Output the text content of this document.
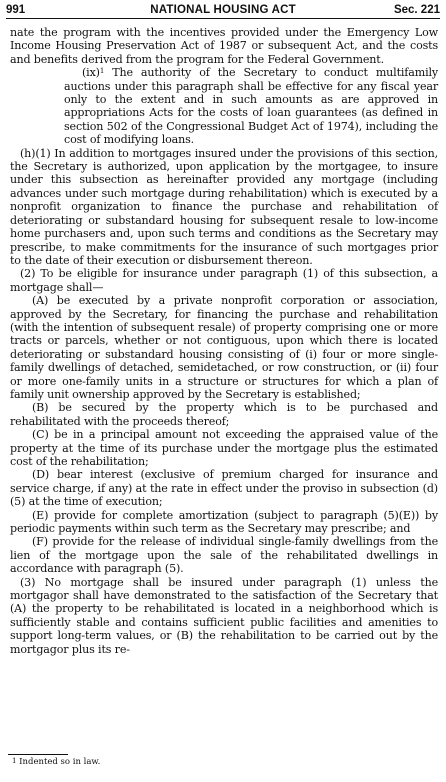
991	NATIONAL HOUSING ACT	Sec. 221

nate the program with the incentives provided under the Emergency Low Income Housing Preservation Act of 1987 or subsequent Act, and the costs and benefits derived from the program for the Federal Government.

(ix)$^1$ The authority of the Secretary to conduct multifamily auctions under this paragraph shall be effective for any fiscal year only to the extent and in such amounts as are approved in appropriations Acts for the costs of loan guarantees (as defined in section 502 of the Congressional Budget Act of 1974), including the cost of modifying loans.

(h)(1) In addition to mortgages insured under the provisions of this section, the Secretary is authorized, upon application by the mortgagee, to insure under this subsection as hereinafter provided any mortgage (including advances under such mortgage during rehabilitation) which is executed by a nonprofit organization to finance the purchase and rehabilitation of deteriorating or substandard housing for subsequent resale to low-income home purchasers and, upon such terms and conditions as the Secretary may prescribe, to make commitments for the insurance of such mortgages prior to the date of their execution or disbursement thereon.

(2) To be eligible for insurance under paragraph (1) of this subsection, a mortgage shall—

(A) be executed by a private nonprofit corporation or association, approved by the Secretary, for financing the purchase and rehabilitation (with the intention of subsequent resale) of property comprising one or more tracts or parcels, whether or not contiguous, upon which there is located deteriorating or substandard housing consisting of (i) four or more single-family dwellings of detached, semidetached, or row construction, or (ii) four or more one-family units in a structure or structures for which a plan of family unit ownership approved by the Secretary is established;

(B) be secured by the property which is to be purchased and rehabilitated with the proceeds thereof;

(C) be in a principal amount not exceeding the appraised value of the property at the time of its purchase under the mortgage plus the estimated cost of the rehabilitation;

(D) bear interest (exclusive of premium charged for insurance and service charge, if any) at the rate in effect under the proviso in subsection (d)(5) at the time of execution;

(E) provide for complete amortization (subject to paragraph (5)(E)) by periodic payments within such term as the Secretary may prescribe; and

(F) provide for the release of individual single-family dwellings from the lien of the mortgage upon the sale of the rehabilitated dwellings in accordance with paragraph (5).

(3) No mortgage shall be insured under paragraph (1) unless the mortgagor shall have demonstrated to the satisfaction of the Secretary that (A) the property to be rehabilitated is located in a neighborhood which is sufficiently stable and contains sufficient public facilities and amenities to support long-term values, or (B) the rehabilitation to be carried out by the mortgagor plus its re-

$^1$ Indented so in law.
